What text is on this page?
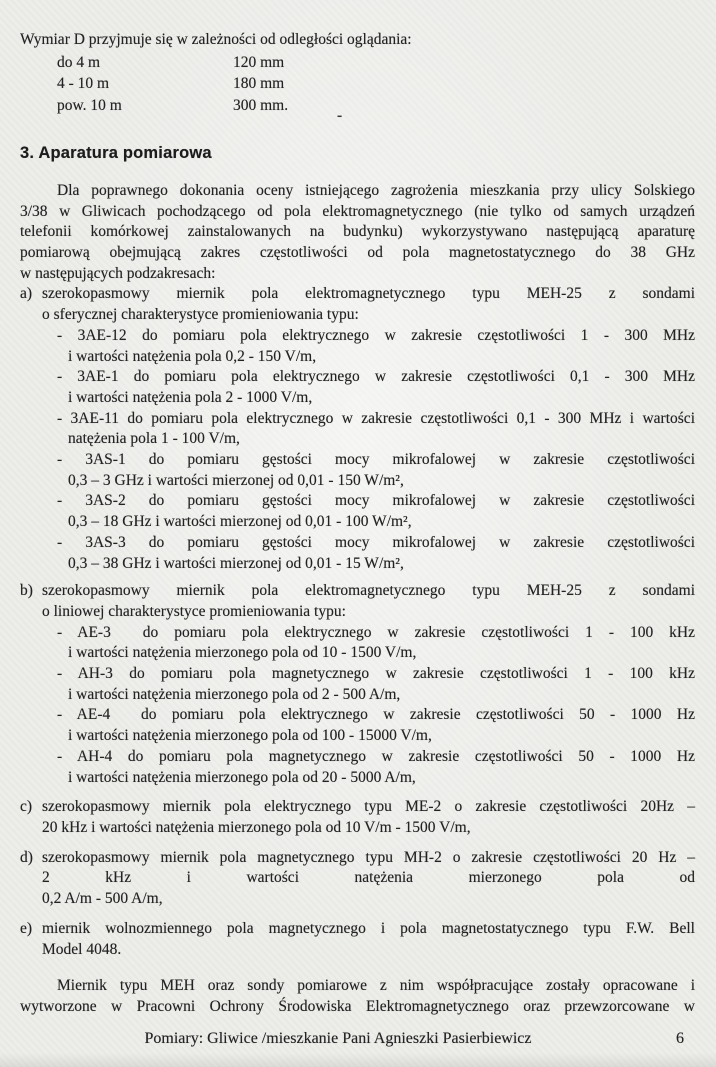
Wymiar D przyjmuje się w zależności od odległości oglądania:
do 4 m	120 mm
4 - 10 m	180 mm
pow. 10 m	300 mm.
-
3. Aparatura pomiarowa
Dla poprawnego dokonania oceny istniejącego zagrożenia mieszkania przy ulicy Solskiego
3/38 w Gliwicach pochodzącego od pola elektromagnetycznego (nie tylko od samych urządzeń
telefonii komórkowej zainstalowanych na budynku) wykorzystywano następującą aparaturę
pomiarową obejmującą zakres częstotliwości od pola magnetostatycznego do 38 GHz
w następujących podzakresach:
a) szerokopasmowy miernik pola elektromagnetycznego typu MEH-25 z sondami
o sferycznej charakterystyce promieniowania typu:
- 3AE-12 do pomiaru pola elektrycznego w zakresie częstotliwości 1 - 300 MHz
i wartości natężenia pola 0,2 - 150 V/m,
- 3AE-1 do pomiaru pola elektrycznego w zakresie częstotliwości 0,1 - 300 MHz
i wartości natężenia pola 2 - 1000 V/m,
- 3AE-11 do pomiaru pola elektrycznego w zakresie częstotliwości 0,1 - 300 MHz i wartości
natężenia pola 1 - 100 V/m,
- 3AS-1 do pomiaru gęstości mocy mikrofalowej w zakresie częstotliwości
0,3 – 3 GHz i wartości mierzonej od 0,01 - 150 W/m²,
- 3AS-2 do pomiaru gęstości mocy mikrofalowej w zakresie częstotliwości
0,3 – 18 GHz i wartości mierzonej od 0,01 - 100 W/m²,
- 3AS-3 do pomiaru gęstości mocy mikrofalowej w zakresie częstotliwości
0,3 – 38 GHz i wartości mierzonej od 0,01 - 15 W/m²,
b) szerokopasmowy miernik pola elektromagnetycznego typu MEH-25 z sondami
o liniowej charakterystyce promieniowania typu:
- AE-3  do pomiaru pola elektrycznego w zakresie częstotliwości 1 - 100 kHz
i wartości natężenia mierzonego pola od 10 - 1500 V/m,
- AH-3 do pomiaru pola magnetycznego w zakresie częstotliwości 1 - 100 kHz
i wartości natężenia mierzonego pola od 2 - 500 A/m,
- AE-4  do pomiaru pola elektrycznego w zakresie częstotliwości 50 - 1000 Hz
i wartości natężenia mierzonego pola od 100 - 15000 V/m,
- AH-4 do pomiaru pola magnetycznego w zakresie częstotliwości 50 - 1000 Hz
i wartości natężenia mierzonego pola od 20 - 5000 A/m,
c) szerokopasmowy miernik pola elektrycznego typu ME-2 o zakresie częstotliwości 20Hz –
20 kHz i wartości natężenia mierzonego pola od 10 V/m - 1500 V/m,
d) szerokopasmowy miernik pola magnetycznego typu MH-2 o zakresie częstotliwości 20 Hz –
2 kHz i wartości natężenia mierzonego pola od
0,2 A/m - 500 A/m,
e) miernik wolnozmiennego pola magnetycznego i pola magnetostatycznego typu F.W. Bell
Model 4048.
Miernik typu MEH oraz sondy pomiarowe z nim współpracujące zostały opracowane i
wytworzone w Pracowni Ochrony Środowiska Elektromagnetycznego oraz przewzorcowane w
Pomiary: Gliwice /mieszkanie Pani Agnieszki Pasierbiewicz	6
